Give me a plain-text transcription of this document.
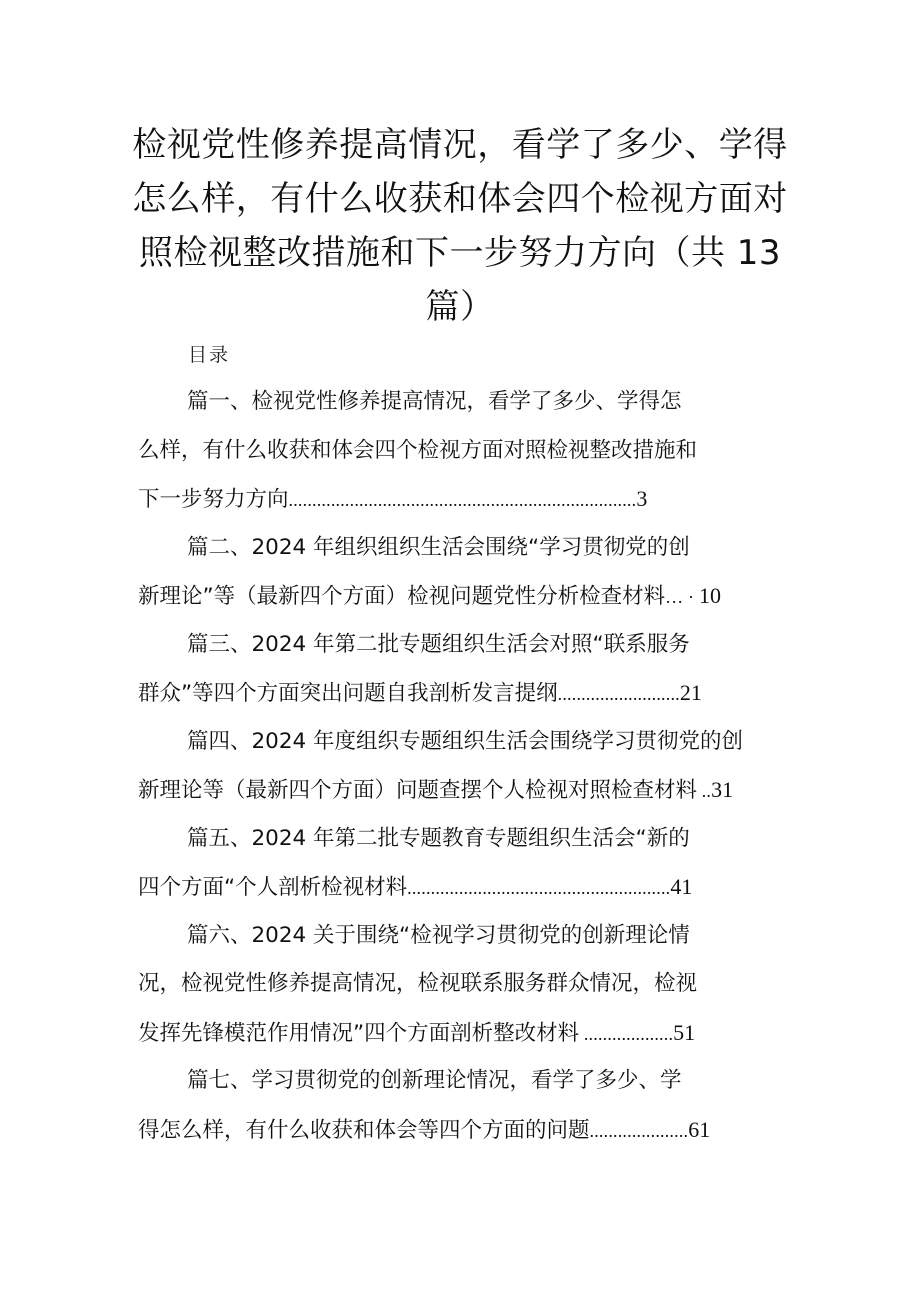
检视党性修养提高情况，看学了多少、学得
怎么样，有什么收获和体会四个检视方面对
照检视整改措施和下一步努力方向（共 13
篇）
目录
篇一、检视党性修养提高情况，看学了多少、学得怎
么样，有什么收获和体会四个检视方面对照检视整改措施和
下一步努力方向..........................................................................3
篇二、2024 年组织组织生活会围绕“学习贯彻党的创
新理论”等（最新四个方面）检视问题党性分析检查材料… · 10
篇三、2024 年第二批专题组织生活会对照“联系服务
群众”等四个方面突出问题自我剖析发言提纲..........................21
篇四、2024 年度组织专题组织生活会围绕学习贯彻党的创
新理论等（最新四个方面）问题查摆个人检视对照检查材料 ..31
篇五、2024 年第二批专题教育专题组织生活会“新的
四个方面“个人剖析检视材料........................................................41
篇六、2024 关于围绕“检视学习贯彻党的创新理论情
况，检视党性修养提高情况，检视联系服务群众情况，检视
发挥先锋模范作用情况”四个方面剖析整改材料 ...................51
篇七、学习贯彻党的创新理论情况，看学了多少、学
得怎么样，有什么收获和体会等四个方面的问题.....................61
